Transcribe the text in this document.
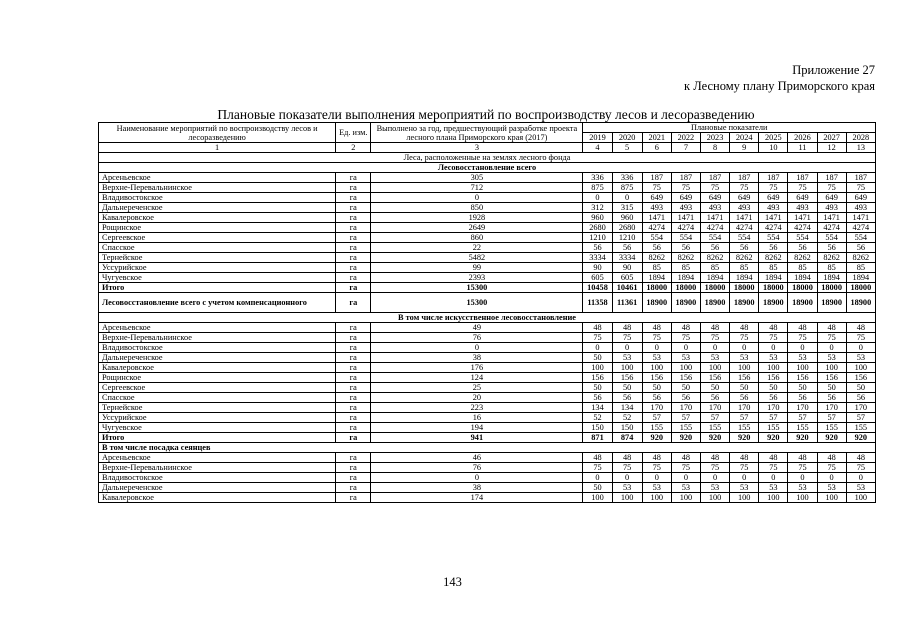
Приложение 27
к Лесному плану Приморского края
Плановые показатели выполнения мероприятий по воспроизводству лесов и лесоразведению
Наименование мероприятий по воспроизводству лесов и лесоразведению	Ед. изм.	Выполнено за год, предшествующий разработке проекта лесного плана Приморского края (2017)	Плановые показатели									
			2019	2020	2021	2022	2023	2024	2025	2026	2027	2028
1	2	3	4	5	6	7	8	9	10	11	12	13
Леса, расположенные на землях лесного фонда												
Лесовосстановление всего												
Арсеньевское	га	305	336	336	187	187	187	187	187	187	187	187
Верхне-Перевальнинское	га	712	875	875	75	75	75	75	75	75	75	75
Владивостокское	га	0	0	0	649	649	649	649	649	649	649	649
Дальнереченское	га	850	312	315	493	493	493	493	493	493	493	493
Кавалеровское	га	1928	960	960	1471	1471	1471	1471	1471	1471	1471	1471
Рощинское	га	2649	2680	2680	4274	4274	4274	4274	4274	4274	4274	4274
Сергеевское	га	860	1210	1210	554	554	554	554	554	554	554	554
Спасское	га	22	56	56	56	56	56	56	56	56	56	56
Тернейское	га	5482	3334	3334	8262	8262	8262	8262	8262	8262	8262	8262
Уссурийское	га	99	90	90	85	85	85	85	85	85	85	85
Чугуевское	га	2393	605	605	1894	1894	1894	1894	1894	1894	1894	1894
Итого	га	15300	10458	10461	18000	18000	18000	18000	18000	18000	18000	18000
Лесовосстановление всего с учетом компенсационного	га	15300	11358	11361	18900	18900	18900	18900	18900	18900	18900	18900
В том числе искусственное лесовосстановление												
Арсеньевское	га	49	48	48	48	48	48	48	48	48	48	48
Верхне-Перевальнинское	га	76	75	75	75	75	75	75	75	75	75	75
Владивостокское	га	0	0	0	0	0	0	0	0	0	0	0
Дальнереченское	га	38	50	53	53	53	53	53	53	53	53	53
Кавалеровское	га	176	100	100	100	100	100	100	100	100	100	100
Рощинское	га	124	156	156	156	156	156	156	156	156	156	156
Сергеевское	га	25	50	50	50	50	50	50	50	50	50	50
Спасское	га	20	56	56	56	56	56	56	56	56	56	56
Тернейское	га	223	134	134	170	170	170	170	170	170	170	170
Уссурийское	га	16	52	52	57	57	57	57	57	57	57	57
Чугуевское	га	194	150	150	155	155	155	155	155	155	155	155
Итого	га	941	871	874	920	920	920	920	920	920	920	920
В том числе посадка сеянцев												
Арсеньевское	га	46	48	48	48	48	48	48	48	48	48	48
Верхне-Перевальнинское	га	76	75	75	75	75	75	75	75	75	75	75
Владивостокское	га	0	0	0	0	0	0	0	0	0	0	0
Дальнереченское	га	38	50	53	53	53	53	53	53	53	53	53
Кавалеровское	га	174	100	100	100	100	100	100	100	100	100	100
143
